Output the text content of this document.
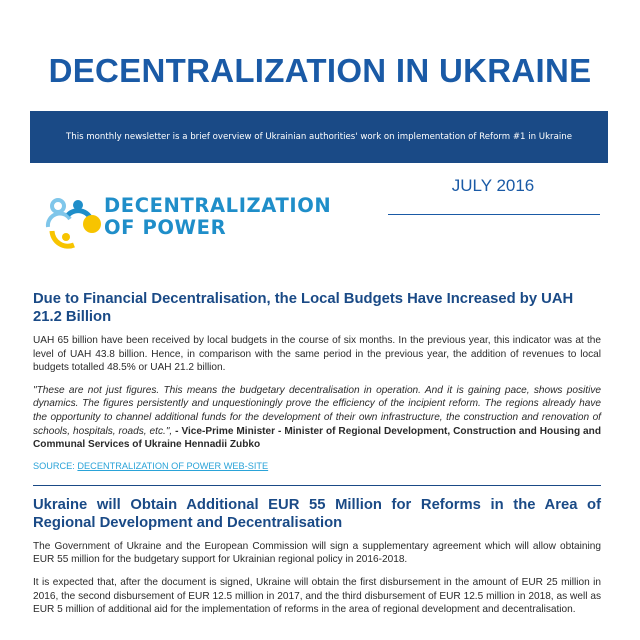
DECENTRALIZATION IN UKRAINE
This monthly newsletter is a brief overview of Ukrainian authorities' work on implementation of Reform #1 in Ukraine
JULY 2016
DECENTRALIZATION
OF POWER
Due to Financial Decentralisation, the Local Budgets Have Increased by UAH 21.2 Billion

UAH 65 billion have been received by local budgets in the course of six months. In the previous year, this indicator was at the level of UAH 43.8 billion. Hence, in comparison with the same period in the previous year, the addition of revenues to local budgets totalled 48.5% or UAH 21.2 billion.

"These are not just figures. This means the budgetary decentralisation in operation. And it is gaining pace, shows positive dynamics. The figures persistently and unquestioningly prove the efficiency of the incipient reform. The regions already have the opportunity to channel additional funds for the development of their own infrastructure, the construction and renovation of schools, hospitals, roads, etc.", - Vice-Prime Minister - Minister of Regional Development, Construction and Housing and Communal Services of Ukraine Hennadii Zubko

SOURCE: DECENTRALIZATION OF POWER WEB-SITE
Ukraine will Obtain Additional EUR 55 Million for Reforms in the Area of Regional Development and Decentralisation

The Government of Ukraine and the European Commission will sign a supplementary agreement which will allow obtaining EUR 55 million for the budgetary support for Ukrainian regional policy in 2016-2018.

It is expected that, after the document is signed, Ukraine will obtain the first disbursement in the amount of EUR 25 million in 2016, the second disbursement of EUR 12.5 million in 2017, and the third disbursement of EUR 12.5 million in 2018, as well as EUR 5 million of additional aid for the implementation of reforms in the area of regional development and decentralisation.
